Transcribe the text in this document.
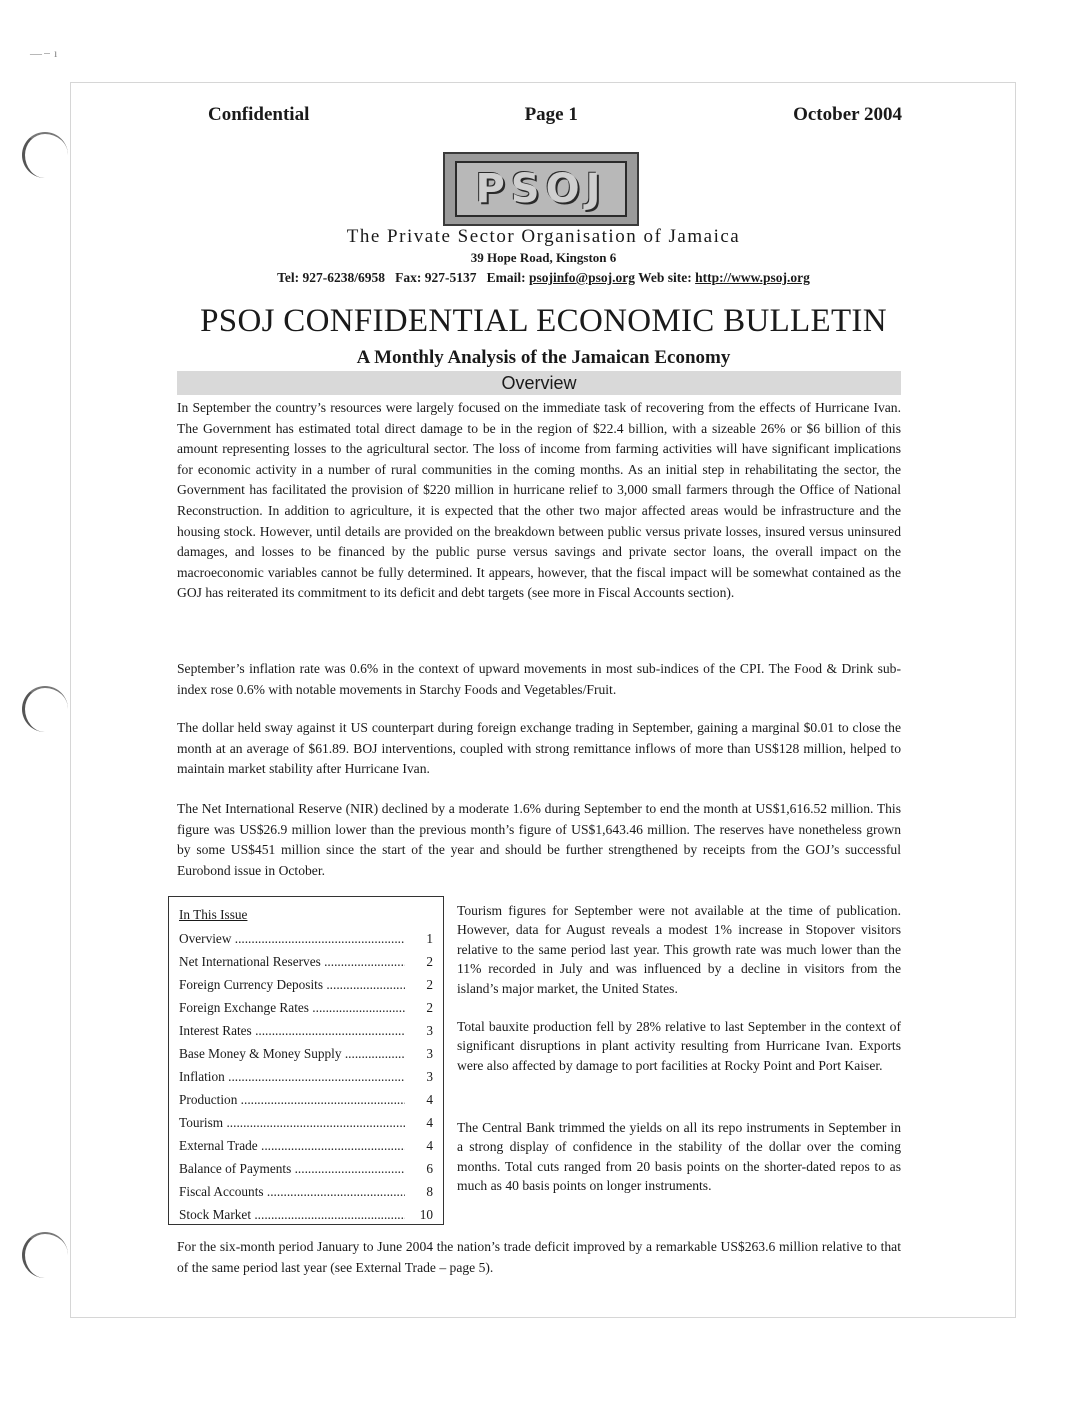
— ̶ ı
Confidential	Page 1	October 2004
PSOJ
The Private Sector Organisation of Jamaica
39 Hope Road, Kingston 6
Tel: 927-6238/6958 Fax: 927-5137 Email: psojinfo@psoj.org Web site: http://www.psoj.org
PSOJ CONFIDENTIAL ECONOMIC BULLETIN
A Monthly Analysis of the Jamaican Economy
Overview

In September the country’s resources were largely focused on the immediate task of recovering from the effects of Hurricane Ivan. The Government has estimated total direct damage to be in the region of $22.4 billion, with a sizeable 26% or $6 billion of this amount representing losses to the agricultural sector. The loss of income from farming activities will have significant implications for economic activity in a number of rural communities in the coming months. As an initial step in rehabilitating the sector, the Government has facilitated the provision of $220 million in hurricane relief to 3,000 small farmers through the Office of National Reconstruction. In addition to agriculture, it is expected that the other two major affected areas would be infrastructure and the housing stock. However, until details are provided on the breakdown between public versus private losses, insured versus uninsured damages, and losses to be financed by the public purse versus savings and private sector loans, the overall impact on the macroeconomic variables cannot be fully determined. It appears, however, that the fiscal impact will be somewhat contained as the GOJ has reiterated its commitment to its deficit and debt targets (see more in Fiscal Accounts section).

September’s inflation rate was 0.6% in the context of upward movements in most sub-indices of the CPI. The Food & Drink sub-index rose 0.6% with notable movements in Starchy Foods and Vegetables/Fruit.

The dollar held sway against it US counterpart during foreign exchange trading in September, gaining a marginal $0.01 to close the month at an average of $61.89. BOJ interventions, coupled with strong remittance inflows of more than US$128 million, helped to maintain market stability after Hurricane Ivan.

The Net International Reserve (NIR) declined by a moderate 1.6% during September to end the month at US$1,616.52 million. This figure was US$26.9 million lower than the previous month’s figure of US$1,643.46 million. The reserves have nonetheless grown by some US$451 million since the start of the year and should be further strengthened by receipts from the GOJ’s successful Eurobond issue in October.

In This Issue
Overview .....	1
Net International Reserves .....	2
Foreign Currency Deposits .....	2
Foreign Exchange Rates .....	2
Interest Rates .....	3
Base Money & Money Supply .....	3
Inflation .....	3
Production .....	4
Tourism .....	4
External Trade .....	4
Balance of Payments .....	6
Fiscal Accounts .....	8
Stock Market .....	10

Tourism figures for September were not available at the time of publication. However, data for August reveals a modest 1% increase in Stopover visitors relative to the same period last year. This growth rate was much lower than the 11% recorded in July and was influenced by a decline in visitors from the island’s major market, the United States.

Total bauxite production fell by 28% relative to last September in the context of significant disruptions in plant activity resulting from Hurricane Ivan. Exports were also affected by damage to port facilities at Rocky Point and Port Kaiser.

The Central Bank trimmed the yields on all its repo instruments in September in a strong display of confidence in the stability of the dollar over the coming months. Total cuts ranged from 20 basis points on the shorter-dated repos to as much as 40 basis points on longer instruments.

For the six-month period January to June 2004 the nation’s trade deficit improved by a remarkable US$263.6 million relative to that of the same period last year (see External Trade – page 5).
